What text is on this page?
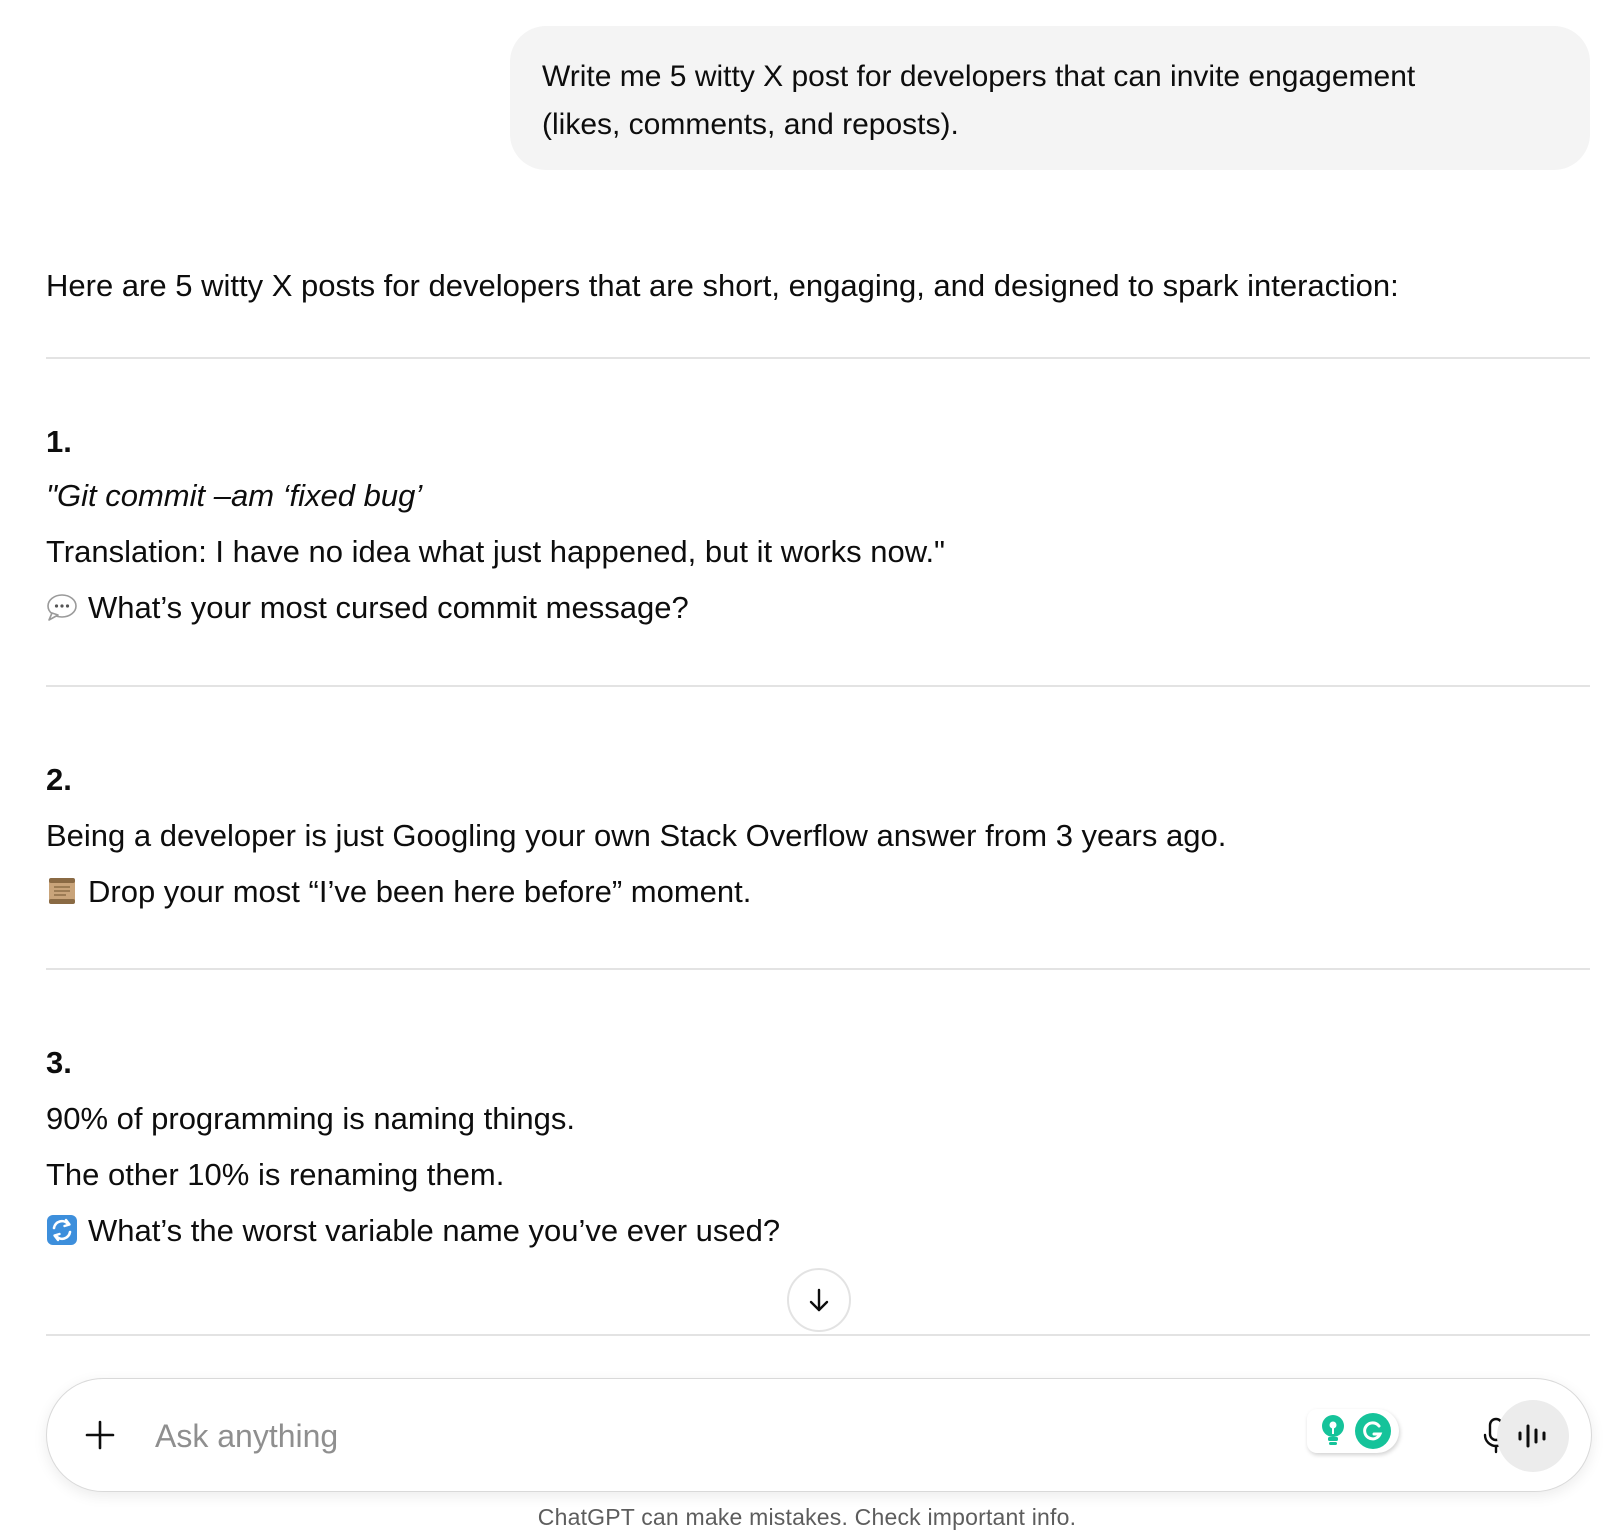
Write me 5 witty X post for developers that can invite engagement
(likes, comments, and reposts).
Here are 5 witty X posts for developers that are short, engaging, and designed to spark interaction:
1.
"Git commit –am ‘fixed bug’
Translation: I have no idea what just happened, but it works now."
What’s your most cursed commit message?
2.
Being a developer is just Googling your own Stack Overflow answer from 3 years ago.
Drop your most “I’ve been here before” moment.
3.
90% of programming is naming things.
The other 10% is renaming them.
What’s the worst variable name you’ve ever used?
Ask anything
ChatGPT can make mistakes. Check important info.
